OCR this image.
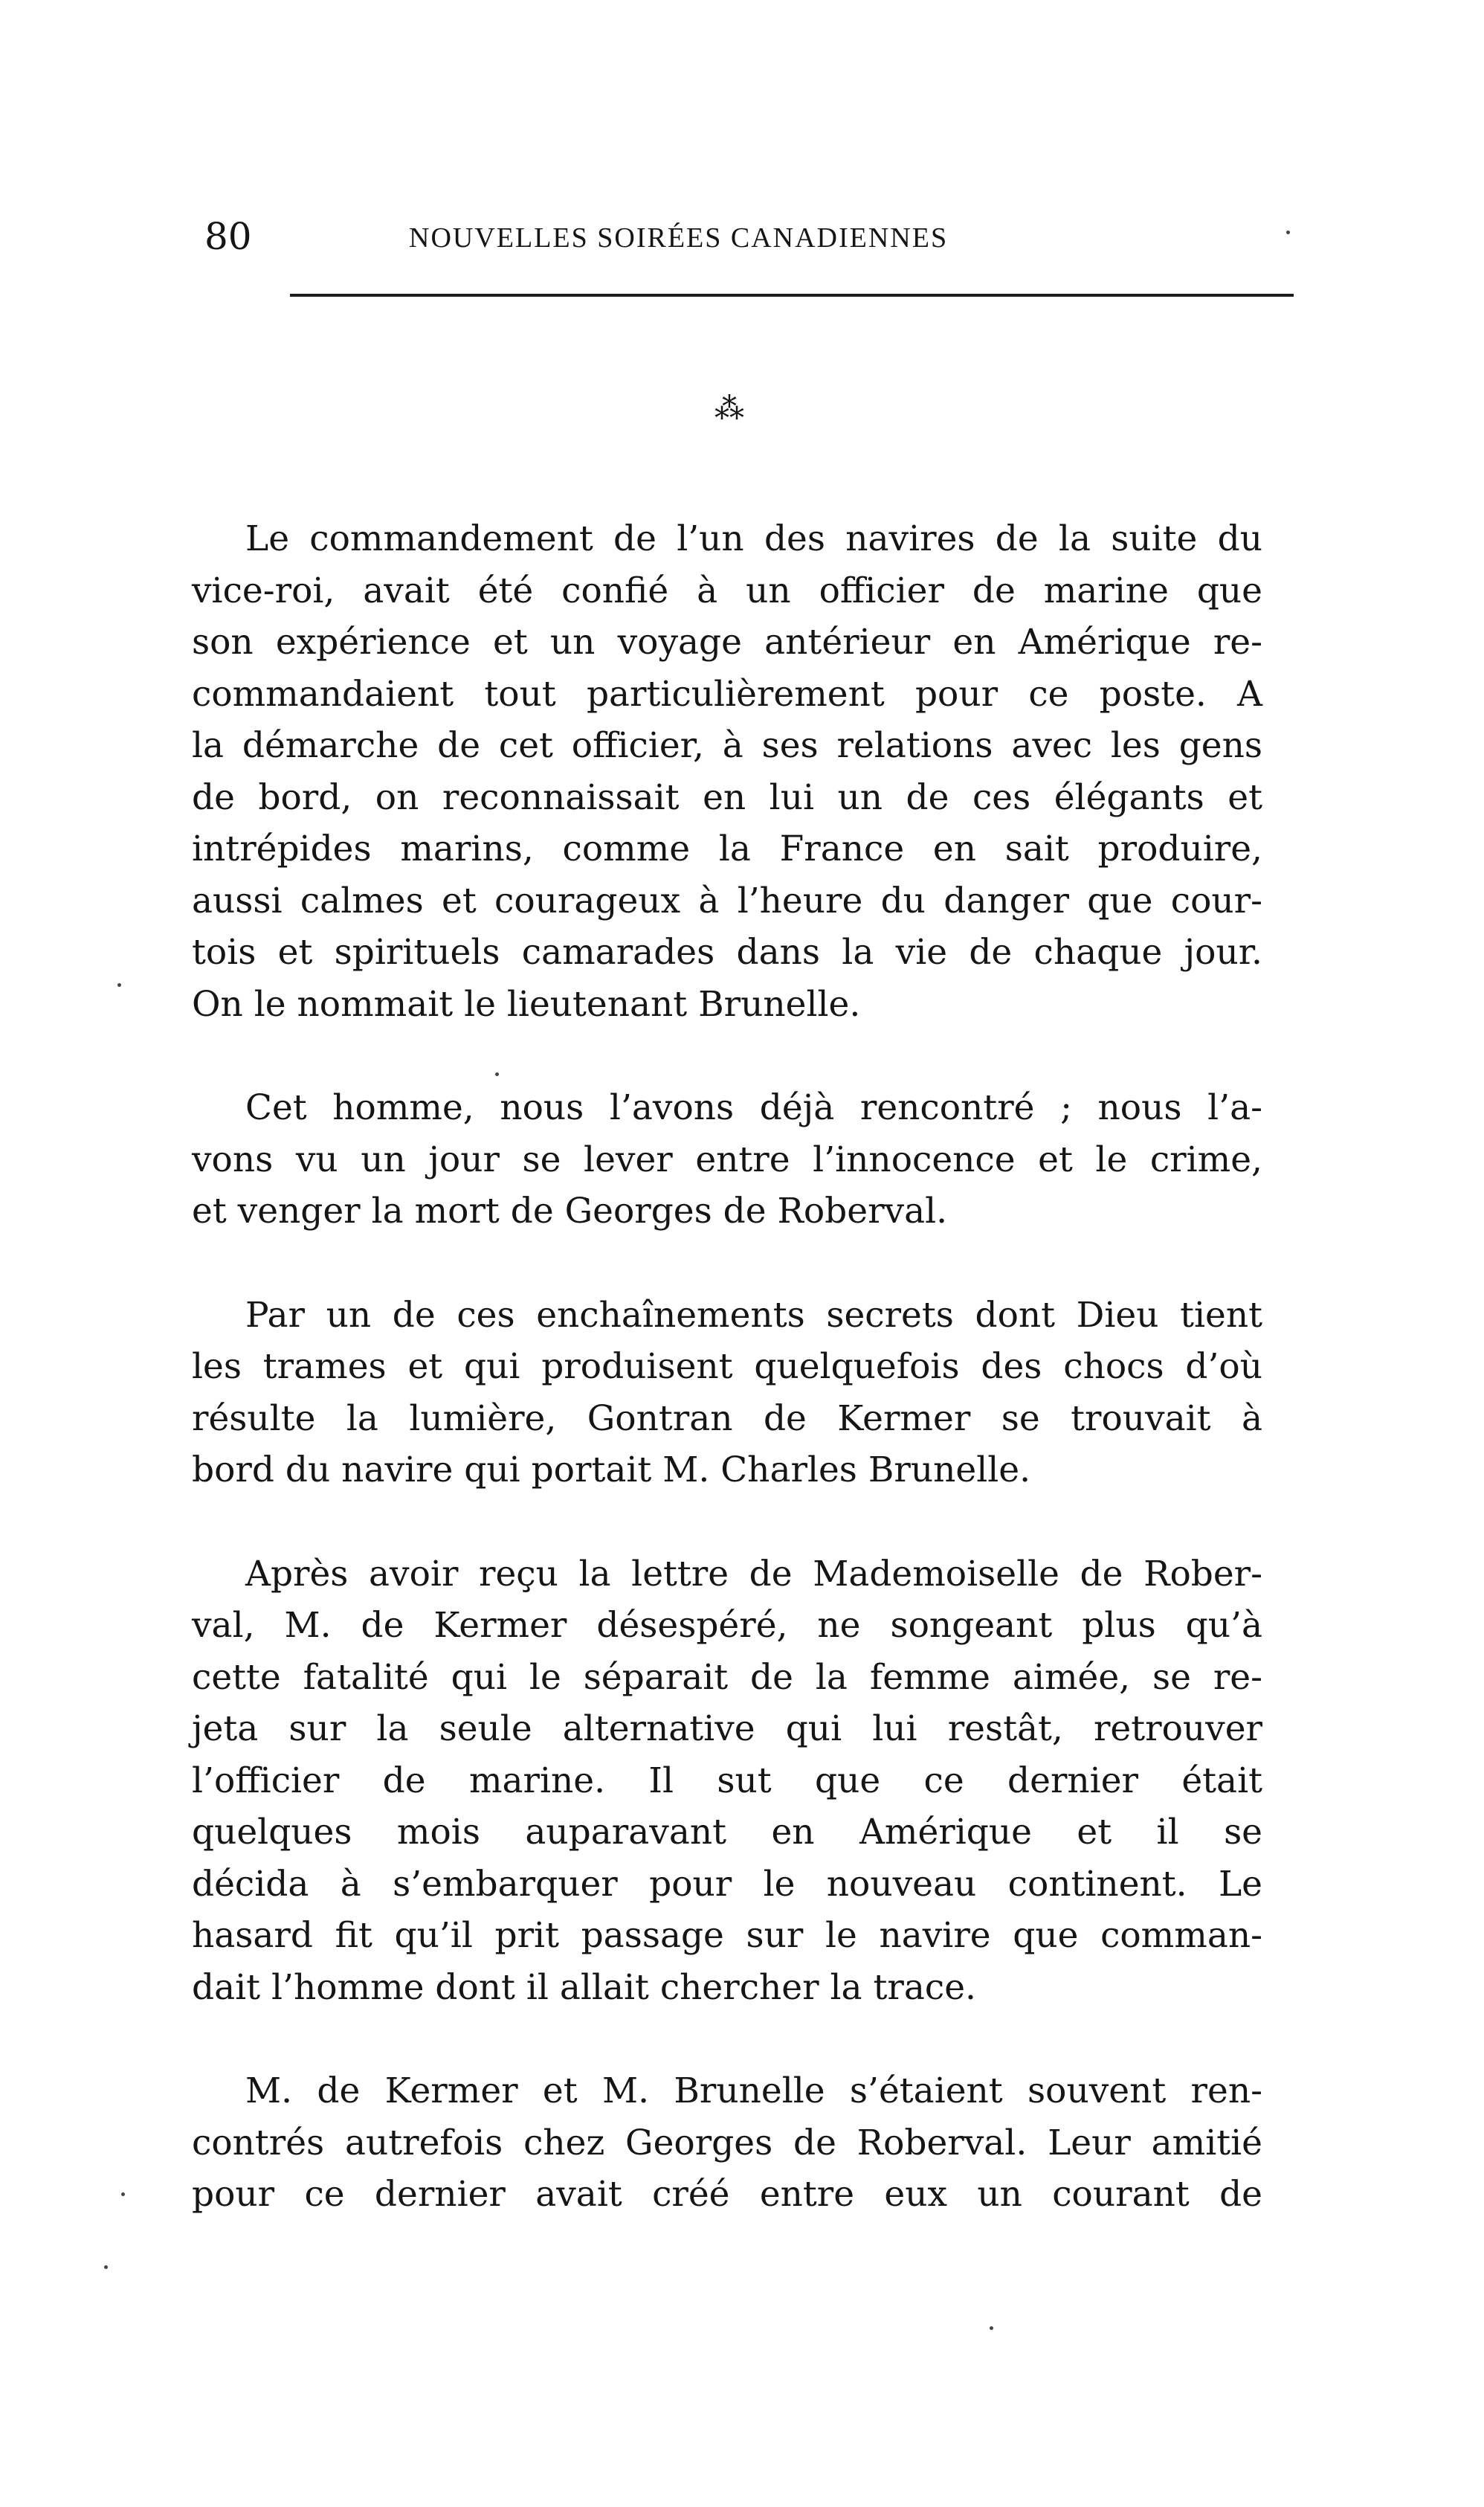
80	NOUVELLES SOIRÉES CANADIENNES
⁂

Le commandement de l’un des navires de la suite du
vice-roi, avait été confié à un officier de marine que
son expérience et un voyage antérieur en Amérique re-
commandaient tout particulièrement pour ce poste. A
la démarche de cet officier, à ses relations avec les gens
de bord, on reconnaissait en lui un de ces élégants et
intrépides marins, comme la France en sait produire,
aussi calmes et courageux à l’heure du danger que cour-
tois et spirituels camarades dans la vie de chaque jour.
On le nommait le lieutenant Brunelle.

Cet homme, nous l’avons déjà rencontré ; nous l’a-
vons vu un jour se lever entre l’innocence et le crime,
et venger la mort de Georges de Roberval.

Par un de ces enchaînements secrets dont Dieu tient
les trames et qui produisent quelquefois des chocs d’où
résulte la lumière, Gontran de Kermer se trouvait à
bord du navire qui portait M. Charles Brunelle.

Après avoir reçu la lettre de Mademoiselle de Rober-
val, M. de Kermer désespéré, ne songeant plus qu’à
cette fatalité qui le séparait de la femme aimée, se re-
jeta sur la seule alternative qui lui restât, retrouver
l’officier de marine. Il sut que ce dernier était
quelques mois auparavant en Amérique et il se
décida à s’embarquer pour le nouveau continent. Le
hasard fit qu’il prit passage sur le navire que comman-
dait l’homme dont il allait chercher la trace.

M. de Kermer et M. Brunelle s’étaient souvent ren-
contrés autrefois chez Georges de Roberval. Leur amitié
pour ce dernier avait créé entre eux un courant de
